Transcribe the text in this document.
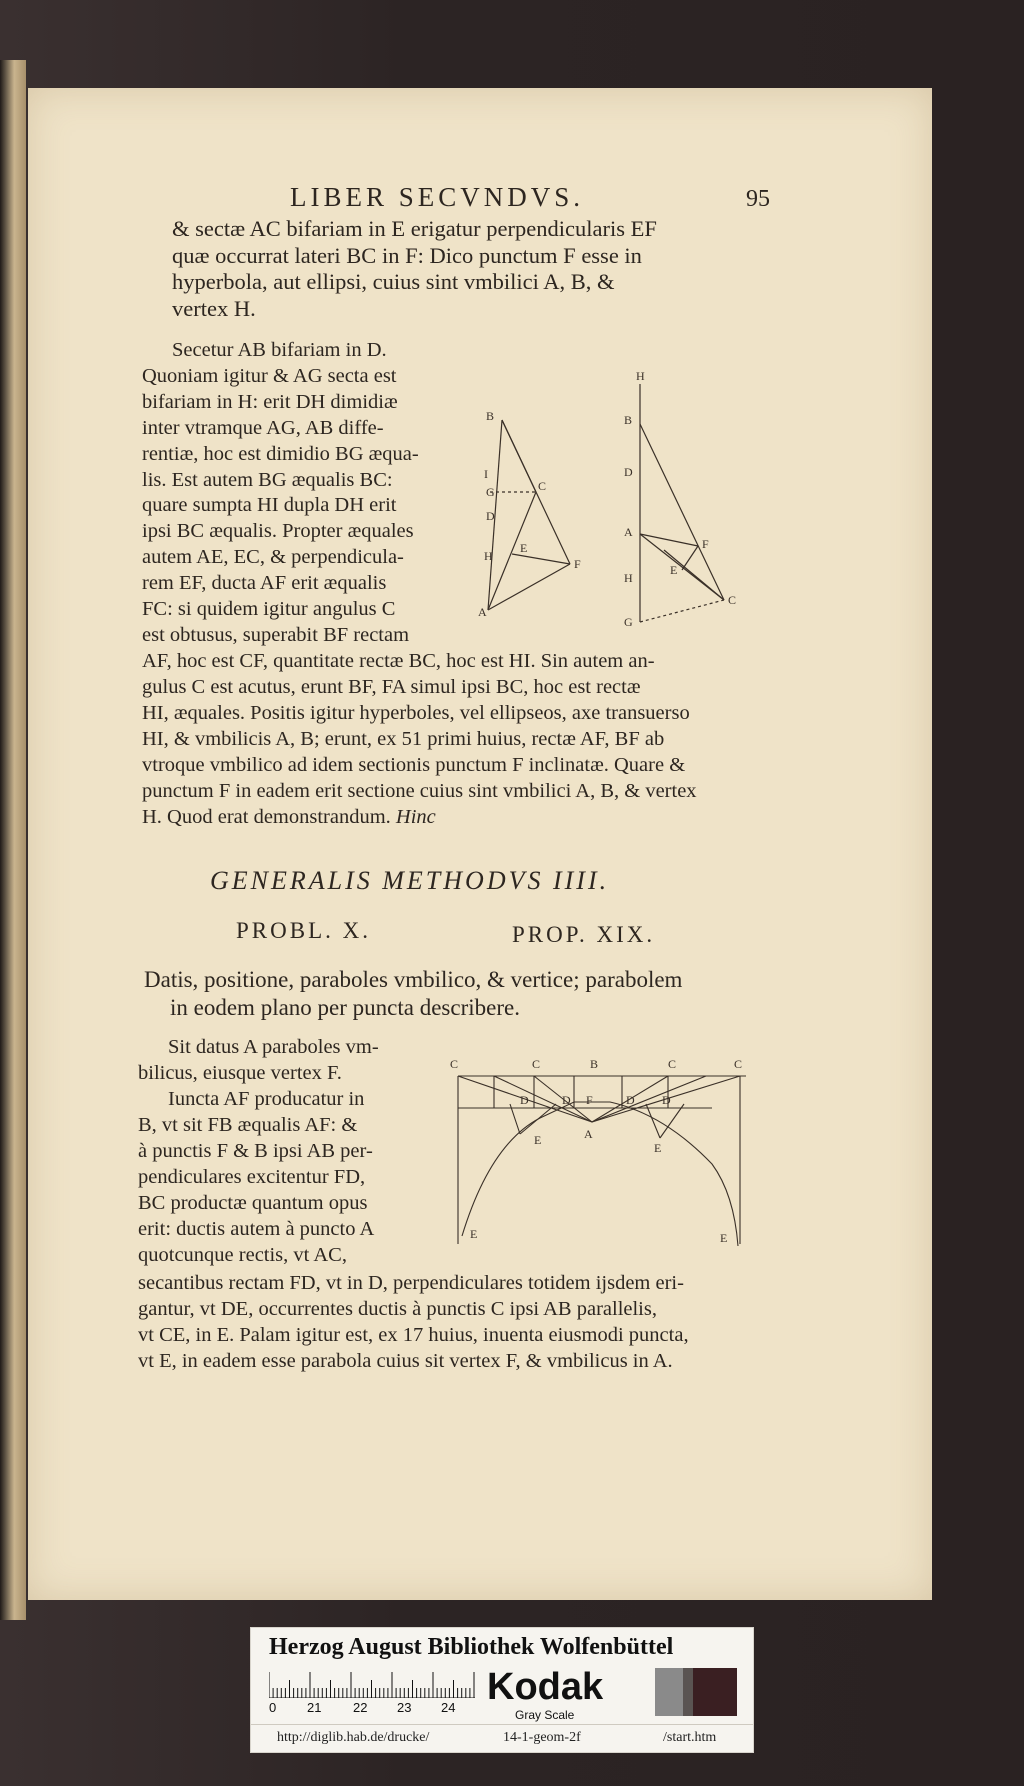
LIBER SECVNDVS.	95

& sectæ AC bifariam in E erigatur perpendicularis EF

quæ occurrat lateri BC in F: Dico punctum F esse in

hyperbola, aut ellipsi, cuius sint vmbilici A, B, &

vertex H.

Secetur AB bifariam in D.

Quoniam igitur & AG secta est

bifariam in H: erit DH dimidiæ

inter vtramque AG, AB diffe-

rentiæ, hoc est dimidio BG æqua-

lis. Est autem BG æqualis BC:

quare sumpta HI dupla DH erit

ipsi BC æqualis. Propter æquales

autem AE, EC, & perpendicula-

rem EF, ducta AF erit æqualis

FC: si quidem igitur angulus C

est obtusus, superabit BF rectam

B
I
G
D
C
E
H
F
A
H
B
D
A
F
E
H
C
G

AF, hoc est CF, quantitate rectæ BC, hoc est HI. Sin autem an-

gulus C est acutus, erunt BF, FA simul ipsi BC, hoc est rectæ

HI, æquales. Positis igitur hyperboles, vel ellipseos, axe transuerso

HI, & vmbilicis A, B; erunt, ex 51 primi huius, rectæ AF, BF ab

vtroque vmbilico ad idem sectionis punctum F inclinatæ. Quare &

punctum F in eadem erit sectione cuius sint vmbilici A, B, & vertex

H. Quod erat demonstrandum. Hinc

GENERALIS METHODVS IIII.
PROBL. X.	PROP. XIX.

Datis, positione, paraboles vmbilico, & vertice; parabolem

in eodem plano per puncta describere.

Sit datus A paraboles vm-

bilicus, eiusque vertex F.

Iuncta AF producatur in

B, vt sit FB æqualis AF: &

à punctis F & B ipsi AB per-

pendiculares excitentur FD,

BC productæ quantum opus

erit: ductis autem à puncto A

quotcunque rectis, vt AC,

C	C	B	C	C
D	D F	D D
E	A
E
E	E

secantibus rectam FD, vt in D, perpendiculares totidem ijsdem eri-

gantur, vt DE, occurrentes ductis à punctis C ipsi AB parallelis,

vt CE, in E. Palam igitur est, ex 17 huius, inuenta eiusmodi puncta,

vt E, in eadem esse parabola cuius sit vertex F, & vmbilicus in A.

Herzog August Bibliothek Wolfenbüttel
0 21 22 23 24 Kodak
Gray Scale
http://diglib.hab.de/drucke/	14-1-geom-2f	/start.htm
